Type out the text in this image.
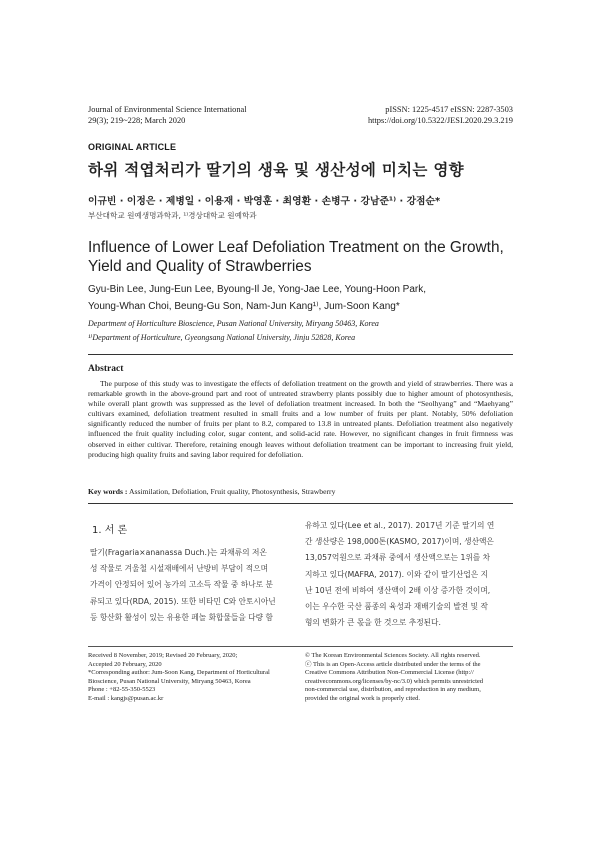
Journal of Environmental Science International
29(3); 219~228; March 2020
pISSN: 1225-4517 eISSN: 2287-3503
https://doi.org/10.5322/JESI.2020.29.3.219
ORIGINAL ARTICLE
하위 적엽처리가 딸기의 생육 및 생산성에 미치는 영향
이규빈 · 이정은 · 제병일 · 이용재 · 박영훈 · 최영환 · 손병구 · 강남준¹⁾ · 강점순*
부산대학교 원예생명과학과, ¹⁾경상대학교 원예학과
Influence of Lower Leaf Defoliation Treatment on the Growth,
Yield and Quality of Strawberries
Gyu-Bin Lee, Jung-Eun Lee, Byoung-Il Je, Yong-Jae Lee, Young-Hoon Park,
Young-Whan Choi, Beung-Gu Son, Nam-Jun Kang¹⁾, Jum-Soon Kang*
Department of Horticulture Bioscience, Pusan National University, Miryang 50463, Korea
¹⁾Department of Horticulture, Gyeongsang National University, Jinju 52828, Korea
Abstract
The purpose of this study was to investigate the effects of defoliation treatment on the growth and yield of strawberries. There was a remarkable growth in the above-ground part and root of untreated strawberry plants possibly due to higher amount of photosynthesis, while overall plant growth was suppressed as the level of defoliation treatment increased. In both the “Seolhyang” and “Maehyang” cultivars examined, defoliation treatment resulted in small fruits and a low number of fruits per plant. Notably, 50% defoliation significantly reduced the number of fruits per plant to 8.2, compared to 13.8 in untreated plants. Defoliation treatment also negatively influenced the fruit quality including color, sugar content, and solid-acid rate. However, no significant changes in fruit firmness was observed in either cultivar. Therefore, retaining enough leaves without defoliation treatment can be important to increasing fruit yield, producing high quality fruits and saving labor required for defoliation.
Key words : Assimilation, Defoliation, Fruit quality, Photosynthesis, Strawberry
1. 서 론
딸기(Fragaria×ananassa Duch.)는 과채류의 저온
성 작물로 겨울철 시설재배에서 난방비 부담이 적으며
가격이 안정되어 있어 농가의 고소득 작물 중 하나로 분
류되고 있다(RDA, 2015). 또한 비타민 C와 안토시아닌
등 항산화 활성이 있는 유용한 페놀 화합물들을 다량 함
유하고 있다(Lee et al., 2017). 2017년 기준 딸기의 연
간 생산량은 198,000톤(KASMO, 2017)이며, 생산액은
13,057억원으로 과채류 중에서 생산액으로는 1위를 차
지하고 있다(MAFRA, 2017). 이와 같이 딸기산업은 지
난 10년 전에 비하여 생산액이 2배 이상 증가한 것이며,
이는 우수한 국산 품종의 육성과 재배기술의 발전 및 작
형의 변화가 큰 몫을 한 것으로 추정된다.
Received 8 November, 2019; Revised 20 February, 2020;
Accepted 20 February, 2020
*Corresponding author: Jum-Soon Kang, Department of Horticultural
Bioscience, Pusan National University, Miryang 50463, Korea
Phone : +82-55-350-5523
E-mail : kangjs@pusan.ac.kr
© The Korean Environmental Sciences Society. All rights reserved.
ⓒ This is an Open-Access article distributed under the terms of the
Creative Commons Attribution Non-Commercial License (http://
creativecommons.org/licenses/by-nc/3.0) which permits unrestricted
non-commercial use, distribution, and reproduction in any medium,
provided the original work is properly cited.
